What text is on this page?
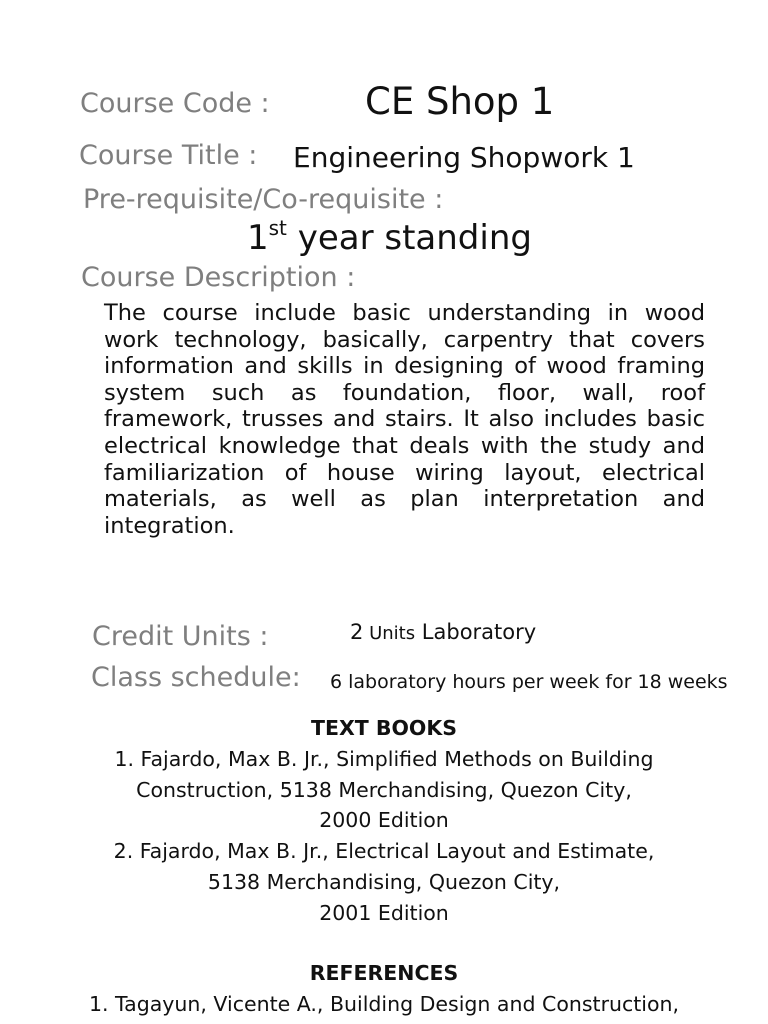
Course Code :	CE Shop 1
Course Title : Engineering Shopwork 1
Pre-requisite/Co-requisite :
1st year standing
Course Description :
The course include basic understanding in wood work technology, basically, carpentry that covers information and skills in designing of wood framing system such as foundation, floor, wall, roof framework, trusses and stairs. It also includes basic electrical knowledge that deals with the study and familiarization of house wiring layout, electrical materials, as well as plan interpretation and integration.
Credit Units :	2 Units Laboratory
Class schedule: 6 laboratory hours per week for 18 weeks
TEXT BOOKS
1. Fajardo, Max B. Jr., Simplified Methods on Building
Construction, 5138 Merchandising, Quezon City,
2000 Edition
2. Fajardo, Max B. Jr., Electrical Layout and Estimate,
5138 Merchandising, Quezon City,
2001 Edition
REFERENCES
1. Tagayun, Vicente A., Building Design and Construction,
